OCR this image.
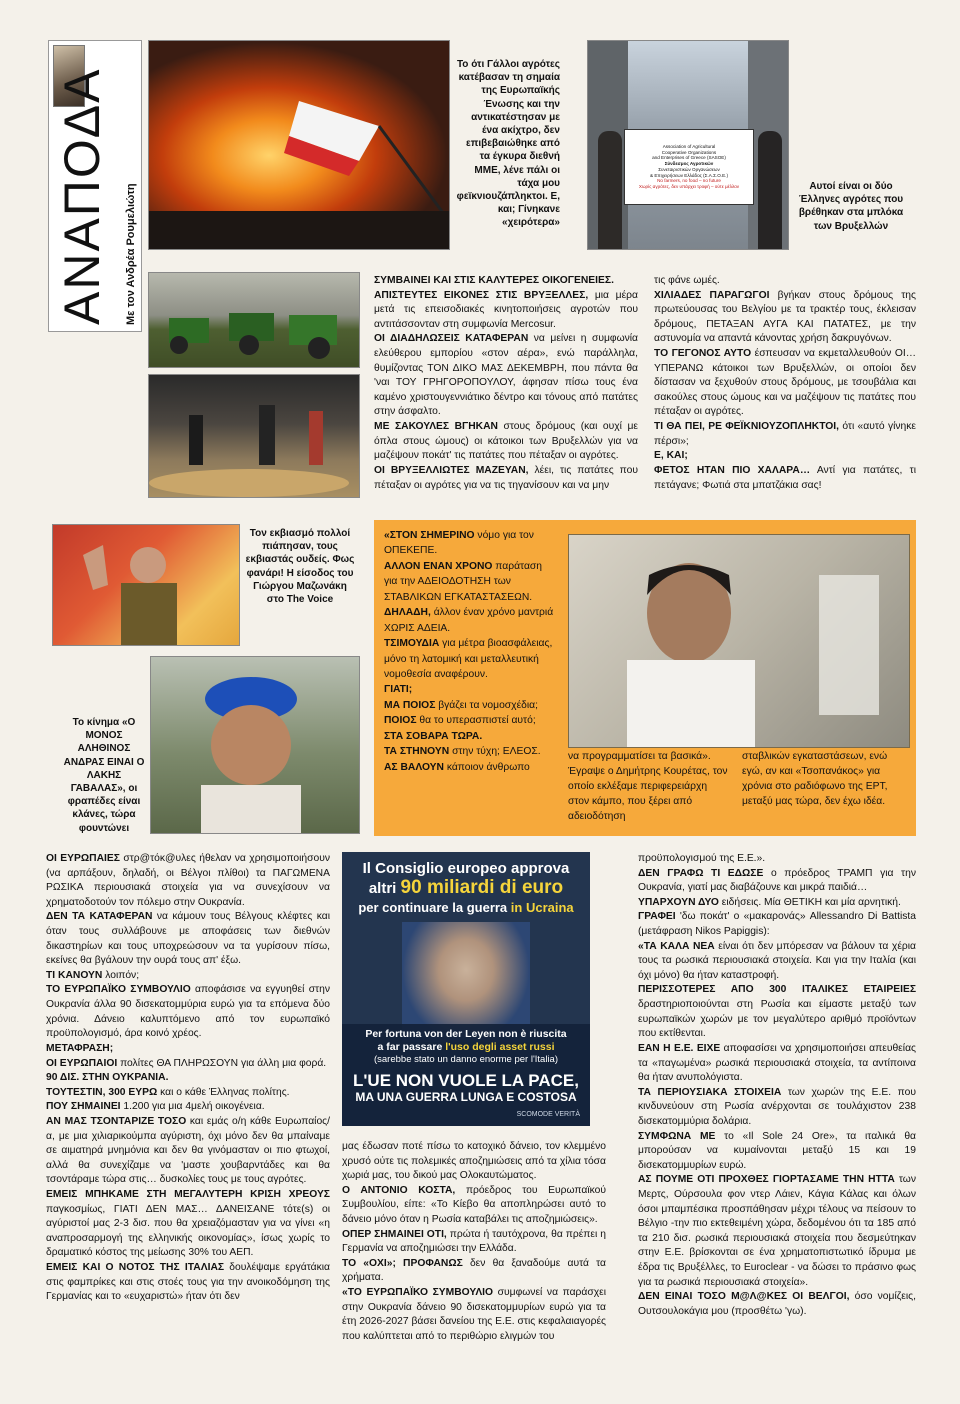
ΑΝΑΠΟΔΑ	Με τον Ανδρέα Ρουμελιώτη
Το ότι Γάλλοι αγρότες κατέβασαν τη σημαία της Ευρωπαϊκής Ένωσης και την αντικατέστησαν με ένα ακίχτρο, δεν επιβεβαιώθηκε από τα έγκυρα διεθνή ΜΜΕ, λένε πάλι οι τάχα μου φεϊκνιουζάπληκτοι. Ε, και; Γίνηκανε «χειρότερα»
Association of Agricultural
Cooperative Organizations
and Enterprises of Greece (SASOE)
Σύνδεσμος Αγροτικών
Συνεταιριστικών Οργανώσεων
& Επιχειρήσεων Ελλάδος (Σ.Α.Σ.Ο.Ε.)
No farmers, no food – no future
Χωρίς αγρότες, δεν υπάρχει τροφή – ούτε μέλλον	Αυτοί είναι οι δύο Έλληνες αγρότες που βρέθηκαν στα μπλόκα των Βρυξελλών

ΣΥΜΒΑΙΝΕΙ ΚΑΙ ΣΤΙΣ ΚΑΛΥΤΕΡΕΣ ΟΙΚΟΓΕΝΕΙΕΣ.

ΑΠΙΣΤΕΥΤΕΣ ΕΙΚΟΝΕΣ ΣΤΙΣ ΒΡΥΞΕΛΛΕΣ, μια μέρα μετά τις επεισοδιακές κινητοποιήσεις αγροτών που αντιτάσσονταν στη συμφωνία Mercosur.

ΟΙ ΔΙΑΔΗΛΩΣΕΙΣ ΚΑΤΑΦΕΡΑΝ να μείνει η συμφωνία ελεύθερου εμπορίου «στον αέρα», ενώ παράλληλα, θυμίζοντας ΤΟΝ ΔΙΚΟ ΜΑΣ ΔΕΚΕΜΒΡΗ, που πάντα θα 'ναι ΤΟΥ ΓΡΗΓΟΡΟΠΟΥΛΟΥ, άφησαν πίσω τους ένα καμένο χριστουγεννιάτικο δέντρο και τόνους από πατάτες στην άσφαλτο.

ΜΕ ΣΑΚΟΥΛΕΣ ΒΓΗΚΑΝ στους δρόμους (και ουχί με όπλα στους ώμους) οι κάτοικοι των Βρυξελλών για να μαζέψουν ποκάτ' τις πατάτες που πέταξαν οι αγρότες.

ΟΙ ΒΡΥΞΕΛΛΙΩΤΕΣ ΜΑΖΕΥΑΝ, λέει, τις πατάτες που πέταξαν οι αγρότες για να τις τηγανίσουν και να μην

τις φάνε ωμές.

ΧΙΛΙΑΔΕΣ ΠΑΡΑΓΩΓΟΙ βγήκαν στους δρόμους της πρωτεύουσας του Βελγίου με τα τρακτέρ τους, έκλεισαν δρόμους, ΠΕΤΑΞΑΝ ΑΥΓΑ ΚΑΙ ΠΑΤΑΤΕΣ, με την αστυνομία να απαντά κάνοντας χρήση δακρυγόνων.

ΤΟ ΓΕΓΟΝΟΣ ΑΥΤΟ έσπευσαν να εκμεταλλευθούν ΟΙ… ΥΠΕΡΑΝΩ κάτοικοι των Βρυξελλών, οι οποίοι δεν δίστασαν να ξεχυθούν στους δρόμους, με τσουβάλια και σακούλες στους ώμους και να μαζέψουν τις πατάτες που πέταξαν οι αγρότες.

ΤΙ ΘΑ ΠΕΙ, ΡΕ ΦΕΪΚΝΙΟΥΖΟΠΛΗΚΤΟΙ, ότι «αυτό γίνηκε πέρσι»;

Ε, ΚΑΙ;

ΦΕΤΟΣ ΗΤΑΝ ΠΙΟ ΧΑΛΑΡΑ… Αντί για πατάτες, τι πετάγανε; Φωτιά στα μπατζάκια σας!

Τον εκβιασμό πολλοί πιάπησαν, τους εκβιαστάς ουδείς. Φως φανάρι! Η είσοδος του Γιώργου Μαζωνάκη στο The Voice
Το κίνημα «Ο ΜΟΝΟΣ ΑΛΗΘΙΝΟΣ ΑΝΔΡΑΣ ΕΙΝΑΙ Ο ΛΑΚΗΣ ΓΑΒΑΛΑΣ», οι φραπέδες είναι κλάνες, τώρα φουντώνει

«ΣΤΟΝ ΣΗΜΕΡΙΝΟ νόμο για τον ΟΠΕΚΕΠΕ.

ΑΛΛΟΝ ΕΝΑΝ ΧΡΟΝΟ παράταση για την ΑΔΕΙΟΔΟΤΗΣΗ των ΣΤΑΒΛΙΚΩΝ ΕΓΚΑΤΑΣΤΑΣΕΩΝ.

ΔΗΛΑΔΗ, άλλον έναν χρόνο μαντριά ΧΩΡΙΣ ΑΔΕΙΑ.

ΤΣΙΜΟΥΔΙΑ για μέτρα βιοασφάλειας, μόνο τη λατομική και μεταλλευτική νομοθεσία αναφέρουν.

ΓΙΑΤΙ;

ΜΑ ΠΟΙΟΣ βγάζει τα νομοσχέδια;

ΠΟΙΟΣ θα το υπερασπιστεί αυτό;

ΣΤΑ ΣΟΒΑΡΑ ΤΩΡΑ.

ΤΑ ΣΤΗΝΟΥΝ στην τύχη; ΕΛΕΟΣ.

ΑΣ ΒΑΛΟΥΝ κάποιον άνθρωπο

να προγραμματίσει τα βασικά». Έγραψε ο Δημήτρης Κουρέτας, τον οποίο εκλέξαμε περιφερειάρχη στον κάμπο, που ξέρει από αδειοδότηση
σταβλικών εγκαταστάσεων, ενώ εγώ, αν και «Τσοπανάκος» για χρόνια στο ραδιόφωνο της ΕΡΤ, μεταξύ μας τώρα, δεν έχω ιδέα.

ΟΙ ΕΥΡΩΠΑΙΕΣ στρ@τόκ@υλες ήθελαν να χρησιμοποιήσουν (να αρπάξουν, δηλαδή, οι Βέλγοι πλίθοι) τα ΠΑΓΩΜΕΝΑ ΡΩΣΙΚΑ περιουσιακά στοιχεία για να συνεχίσουν να χρηματοδοτούν τον πόλεμο στην Ουκρανία.

ΔΕΝ ΤΑ ΚΑΤΑΦΕΡΑΝ να κάμουν τους Βέλγους κλέφτες και όταν τους συλλάβουνε με αποφάσεις των διεθνών δικαστηρίων και τους υποχρεώσουν να τα γυρίσουν πίσω, εκείνες θα βγάλουν την ουρά τους απ' έξω.

ΤΙ ΚΑΝΟΥΝ λοιπόν;

ΤΟ ΕΥΡΩΠΑΪΚΟ ΣΥΜΒΟΥΛΙΟ αποφάσισε να εγγυηθεί στην Ουκρανία άλλα 90 δισεκατομμύρια ευρώ για τα επόμενα δύο χρόνια. Δάνειο καλυπτόμενο από τον ευρωπαϊκό προϋπολογισμό, άρα κοινό χρέος.

ΜΕΤΑΦΡΑΣΗ;

ΟΙ ΕΥΡΩΠΑΙΟΙ πολίτες ΘΑ ΠΛΗΡΩΣΟΥΝ για άλλη μια φορά.

90 ΔΙΣ. ΣΤΗΝ ΟΥΚΡΑΝΙΑ.

ΤΟΥΤΕΣΤΙΝ, 300 ΕΥΡΩ και ο κάθε Έλληνας πολίτης.

ΠΟΥ ΣΗΜΑΙΝΕΙ 1.200 για μια 4μελή οικογένεια.

ΑΝ ΜΑΣ ΤΣΟΝΤΑΡΙΖΕ ΤΟΣΟ και εμάς ο/η κάθε Ευρωπαίος/α, με μια χιλιαρικούμπα αγύριστη, όχι μόνο δεν θα μπαίναμε σε αιματηρά μνημόνια και δεν θα γινόμασταν οι πιο φτωχοί, αλλά θα συνεχίζαμε να 'μαστε χουβαρντάδες και θα τσοντάραμε τώρα στις… δυσκολίες τους με τους αγρότες.

ΕΜΕΙΣ ΜΠΗΚΑΜΕ ΣΤΗ ΜΕΓΑΛΥΤΕΡΗ ΚΡΙΣΗ ΧΡΕΟΥΣ παγκοσμίως, ΓΙΑΤΙ ΔΕΝ ΜΑΣ… ΔΑΝΕΙΣΑΝΕ τότε(s) οι αγύριστοί μας 2-3 δισ. που θα χρειαζόμασταν για να γίνει «η αναπροσαρμογή της ελληνικής οικονομίας», ίσως χωρίς το δραματικό κόστος της μείωσης 30% του ΑΕΠ.

ΕΜΕΙΣ ΚΑΙ Ο ΝΟΤΟΣ ΤΗΣ ΙΤΑΛΙΑΣ δουλέψαμε εργάτάκια στις φαμπρίκες και στις στοές τους για την ανοικοδόμηση της Γερμανίας και το «ευχαριστώ» ήταν ότι δεν

Il Consiglio europeo approva
altri 90 miliardi di euro
per continuare la guerra in Ucraina
Per fortuna von der Leyen non è riuscita
a far passare l'uso degli asset russi
(sarebbe stato un danno enorme per l'Italia)
L'UE NON VUOLE LA PACE,
MA UNA GUERRA LUNGA E COSTOSA
SCOMODE VERITÀ

μας έδωσαν ποτέ πίσω το κατοχικό δάνειο, τον κλεμμένο χρυσό ούτε τις πολεμικές αποζημιώσεις από τα χίλια τόσα χωριά μας, του δικού μας Ολοκαυτώματος.

Ο ΑΝΤΟΝΙΟ ΚΟΣΤΑ, πρόεδρος του Ευρωπαϊκού Συμβουλίου, είπε: «Το Κίεβο θα αποπληρώσει αυτό το δάνειο μόνο όταν η Ρωσία καταβάλει τις αποζημιώσεις».

ΟΠΕΡ ΣΗΜΑΙΝΕΙ ΟΤΙ, πρώτα ή ταυτόχρονα, θα πρέπει η Γερμανία να αποζημιώσει την Ελλάδα.

ΤΟ «ΟΧΙ»; ΠΡΟΦΑΝΩΣ δεν θα ξαναδούμε αυτά τα χρήματα.

«ΤΟ ΕΥΡΩΠΑΪΚΟ ΣΥΜΒΟΥΛΙΟ συμφωνεί να παράσχει στην Ουκρανία δάνειο 90 δισεκατομμυρίων ευρώ για τα έτη 2026-2027 βάσει δανείου της Ε.Ε. στις κεφαλαιαγορές που καλύπτεται από το περιθώριο ελιγμών του

προϋπολογισμού της Ε.Ε.».

ΔΕΝ ΓΡΑΦΩ ΤΙ ΕΔΩΣΕ ο πρόεδρος ΤΡΑΜΠ για την Ουκρανία, γιατί μας διαβάζουνε και μικρά παιδιά…

ΥΠΑΡΧΟΥΝ ΔΥΟ ειδήσεις. Μία ΘΕΤΙΚΗ και μία αρνητική.

ΓΡΑΦΕΙ 'δω ποκάτ' ο «μακαρονάς» Allessandro Di Battista (μετάφραση Nikos Papiggis):

«ΤΑ ΚΑΛΑ ΝΕΑ είναι ότι δεν μπόρεσαν να βάλουν τα χέρια τους τα ρωσικά περιουσιακά στοιχεία. Και για την Ιταλία (και όχι μόνο) θα ήταν καταστροφή.

ΠΕΡΙΣΣΟΤΕΡΕΣ ΑΠΟ 300 ΙΤΑΛΙΚΕΣ ΕΤΑΙΡΕΙΕΣ δραστηριοποιούνται στη Ρωσία και είμαστε μεταξύ των ευρωπαϊκών χωρών με τον μεγαλύτερο αριθμό προϊόντων που εκτίθενται.

ΕΑΝ Η Ε.Ε. ΕΙΧΕ αποφασίσει να χρησιμοποιήσει απευθείας τα «παγωμένα» ρωσικά περιουσιακά στοιχεία, τα αντίποινα θα ήταν ανυπολόγιστα.

ΤΑ ΠΕΡΙΟΥΣΙΑΚΑ ΣΤΟΙΧΕΙΑ των χωρών της Ε.Ε. που κινδυνεύουν στη Ρωσία ανέρχονται σε τουλάχιστον 238 δισεκατομμύρια δολάρια.

ΣΥΜΦΩΝΑ ΜΕ το «Il Sole 24 Ore», τα ιταλικά θα μπορούσαν να κυμαίνονται μεταξύ 15 και 19 δισεκατομμυρίων ευρώ.

ΑΣ ΠΟΥΜΕ ΟΤΙ ΠΡΟΧΘΕΣ ΓΙΟΡΤΑΣΑΜΕ ΤΗΝ ΗΤΤΑ των Μερτς, Ούρσουλα φον ντερ Λάιεν, Κάγια Κάλας και όλων όσοι μπαμπέσικα προσπάθησαν μέχρι τέλους να πείσουν το Βέλγιο -την πιο εκτεθειμένη χώρα, δεδομένου ότι τα 185 από τα 210 δισ. ρωσικά περιουσιακά στοιχεία που δεσμεύτηκαν στην Ε.Ε. βρίσκονται σε ένα χρηματοπιστωτικό ίδρυμα με έδρα τις Βρυξέλλες, το Euroclear - να δώσει το πράσινο φως για τα ρωσικά περιουσιακά στοιχεία».

ΔΕΝ ΕΙΝΑΙ ΤΟΣΟ Μ@Λ@ΚΕΣ ΟΙ ΒΕΛΓΟΙ, όσο νομίζεις, Ουτσουλοκάγια μου (προσθέτω 'γω).
